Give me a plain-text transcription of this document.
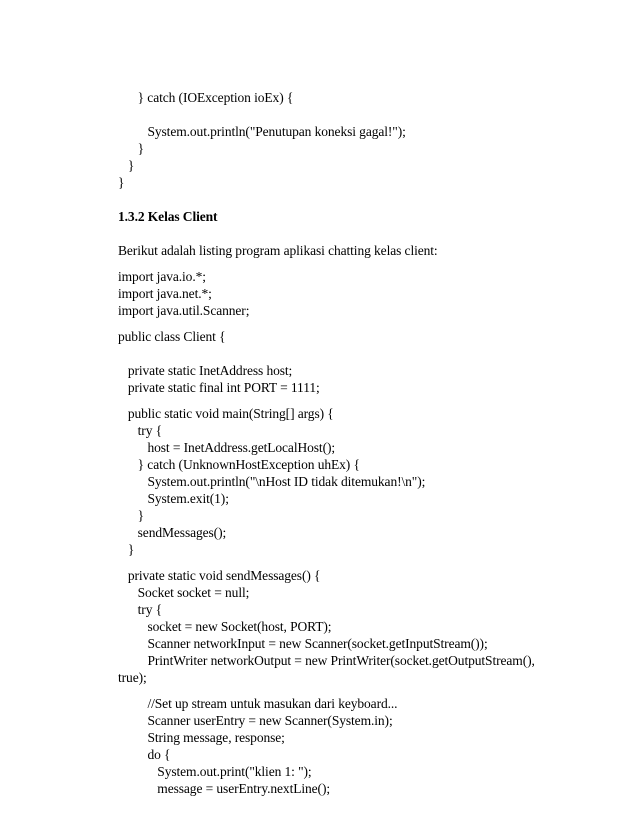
} catch (IOException ioEx) {
System.out.println("Penutupan koneksi gagal!");
}
}
}
1.3.2 Kelas Client
Berikut adalah listing program aplikasi chatting kelas client:
import java.io.*;
import java.net.*;
import java.util.Scanner;
public class Client {
private static InetAddress host;
private static final int PORT = 1111;
public static void main(String[] args) {
try {
host = InetAddress.getLocalHost();
} catch (UnknownHostException uhEx) {
System.out.println("\nHost ID tidak ditemukan!\n");
System.exit(1);
}
sendMessages();
}
private static void sendMessages() {
Socket socket = null;
try {
socket = new Socket(host, PORT);
Scanner networkInput = new Scanner(socket.getInputStream());
PrintWriter networkOutput = new PrintWriter(socket.getOutputStream(),
true);
//Set up stream untuk masukan dari keyboard...
Scanner userEntry = new Scanner(System.in);
String message, response;
do {
System.out.print("klien 1: ");
message = userEntry.nextLine();
